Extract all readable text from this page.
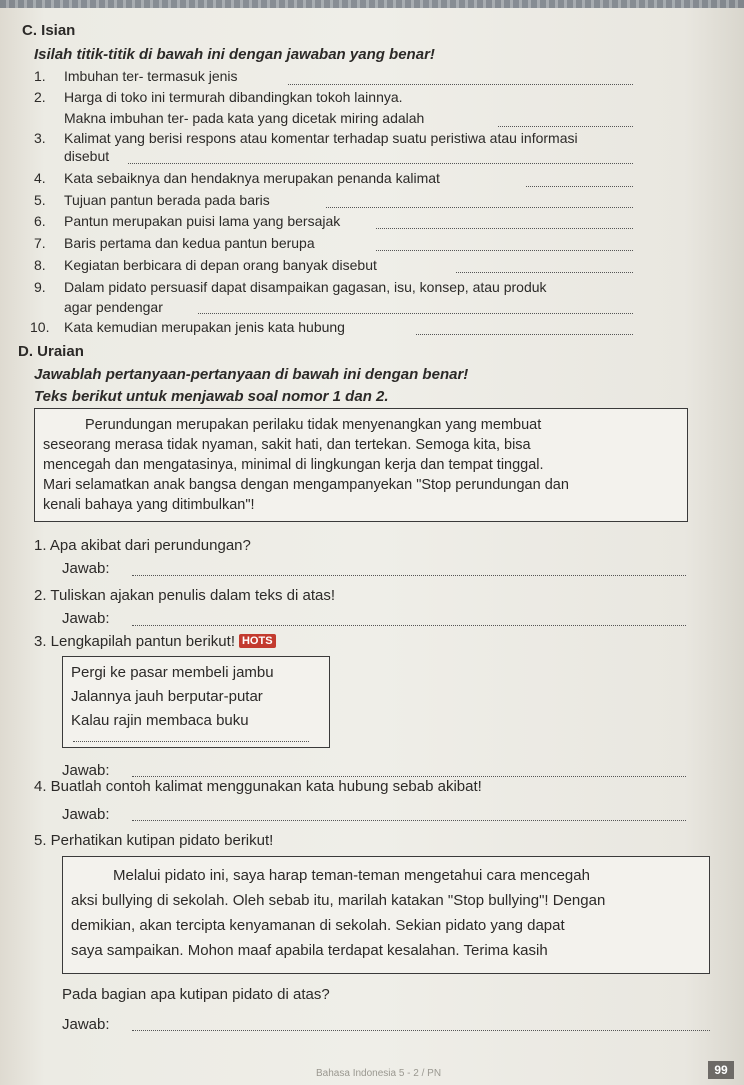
C. Isian
Isilah titik-titik di bawah ini dengan jawaban yang benar!
1. Imbuhan ter- termasuk jenis
2. Harga di toko ini termurah dibandingkan tokoh lainnya.
Makna imbuhan ter- pada kata yang dicetak miring adalah
3. Kalimat yang berisi respons atau komentar terhadap suatu peristiwa atau informasi
disebut
4. Kata sebaiknya dan hendaknya merupakan penanda kalimat
5. Tujuan pantun berada pada baris
6. Pantun merupakan puisi lama yang bersajak
7. Baris pertama dan kedua pantun berupa
8. Kegiatan berbicara di depan orang banyak disebut
9. Dalam pidato persuasif dapat disampaikan gagasan, isu, konsep, atau produk
agar pendengar
10. Kata kemudian merupakan jenis kata hubung
D. Uraian
Jawablah pertanyaan-pertanyaan di bawah ini dengan benar!
Teks berikut untuk menjawab soal nomor 1 dan 2.

Perundungan merupakan perilaku tidak menyenangkan yang membuat

seseorang merasa tidak nyaman, sakit hati, dan tertekan. Semoga kita, bisa

mencegah dan mengatasinya, minimal di lingkungan kerja dan tempat tinggal.

Mari selamatkan anak bangsa dengan mengampanyekan "Stop perundungan dan

kenali bahaya yang ditimbulkan"!

1. Apa akibat dari perundungan?
Jawab:
2. Tuliskan ajakan penulis dalam teks di atas!
Jawab:
3. Lengkapilah pantun berikut! HOTS

Pergi ke pasar membeli jambu

Jalannya jauh berputar-putar

Kalau rajin membaca buku

Jawab:
4. Buatlah contoh kalimat menggunakan kata hubung sebab akibat!
Jawab:
5. Perhatikan kutipan pidato berikut!

Melalui pidato ini, saya harap teman-teman mengetahui cara mencegah

aksi bullying di sekolah. Oleh sebab itu, marilah katakan "Stop bullying"! Dengan

demikian, akan tercipta kenyamanan di sekolah. Sekian pidato yang dapat

saya sampaikan. Mohon maaf apabila terdapat kesalahan. Terima kasih

Pada bagian apa kutipan pidato di atas?
Jawab:
Bahasa Indonesia 5 - 2 / PN	99
